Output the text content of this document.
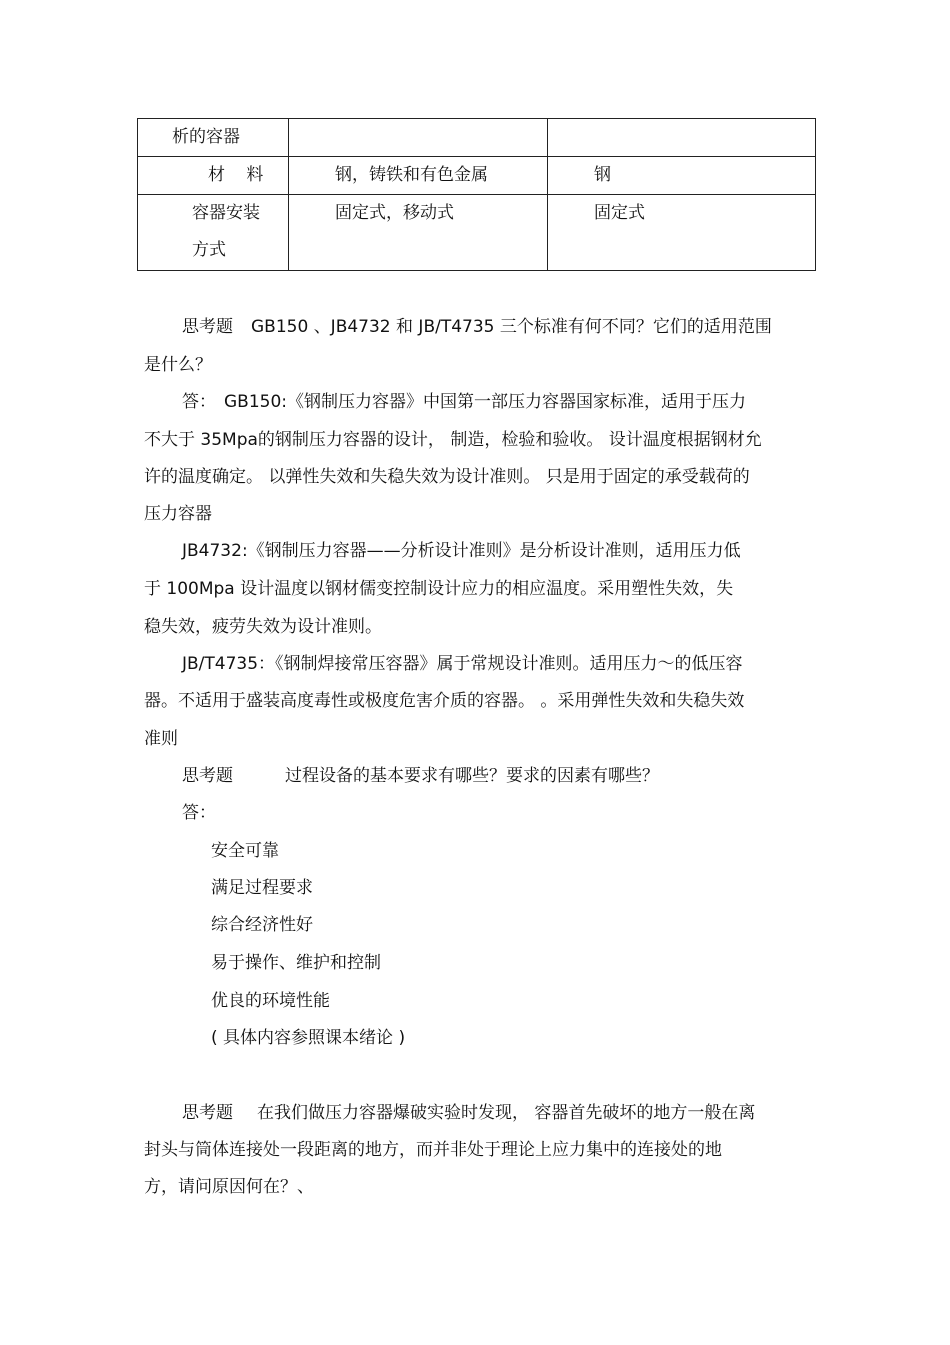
析的容器		

材 料	钢，铸铁和有色金属	钢

容器安装
方式	固定式，移动式	固定式
思考题 GB150 、JB4732 和 JB/T4735 三个标准有何不同？它们的适用范围
是什么？
答： GB150:《钢制压力容器》中国第一部压力容器国家标准，适用于压力
不大于 35Mpa的钢制压力容器的设计， 制造，检验和验收。 设计温度根据钢材允
许的温度确定。 以弹性失效和失稳失效为设计准则。 只是用于固定的承受载荷的
压力容器
JB4732:《钢制压力容器——分析设计准则》是分析设计准则，适用压力低
于 100Mpa 设计温度以钢材儒变控制设计应力的相应温度。采用塑性失效，失
稳失效，疲劳失效为设计准则。
JB/T4735：《钢制焊接常压容器》属于常规设计准则。适用压力～的低压容
器。不适用于盛装高度毒性或极度危害介质的容器。 。采用弹性失效和失稳失效
准则
思考题	过程设备的基本要求有哪些？要求的因素有哪些？
答：
安全可靠
满足过程要求
综合经济性好
易于操作、维护和控制
优良的环境性能
( 具体内容参照课本绪论 )
思考题 在我们做压力容器爆破实验时发现， 容器首先破坏的地方一般在离
封头与筒体连接处一段距离的地方，而并非处于理论上应力集中的连接处的地
方，请问原因何在？、
